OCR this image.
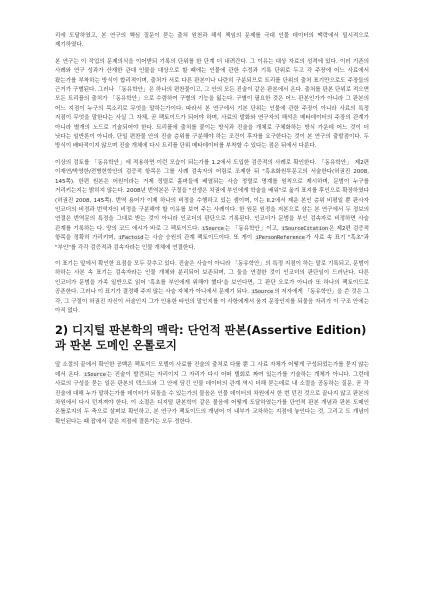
리에 도달하였고, 본 연구의 핵심 질문이 묻는 출처 원천과 해석 책임의 문제를 극대 인물 데이터의 맥락에서 밀시적으로 제기하였다.

본 연구는 이 작업의 문제의식을 이어받되 기록의 단위를 한 단계 더 내려간다. 그 이유는 대상 자료의 성격에 있다. 이러 기존의 사례와 연구 성과가 산재한 관대 인물을 대상으로 할 때에는 인물에 관한 수정과 기록 단위로 두고 각 주장에 어느 사료에서 왔는가를 부착하는 방식이 합리적이며, 출처가 서로 다른 판본이나 나란히 구분되므로 트리플 단위의 출처 표기만으로도 주장들의 근거가 구별된다. 그러나 「동유학안」은 하나의 편찬물이고, 그 안의 모든 진술이 같은 판본에서 온다. 출처를 판본 단위로 적으면 모든 트리플의 출처가 「동유학안」으로 수렴하여 구별의 기능을 잃는다. 구별이 필요한 것은 어느 판본인가가 아니라 그 판본의 어느 지점이 누구의 목소리로 무엇을 말하는가이다. 따라서 본 연구에서 기본 단위는 인물에 관한 주장이 아니라 사료의 특정 지점이 무엇을 말한다는 사실 그 자체, 곧 팩토이드가 되어야 하며, 사료의 발화와 연구자의 해석은 메타데이터의 주장의 관계가 아니라 별개의 노드로 기술되어야 한다. 트리플에 출처를 붙이는 방식과 진술을 개체로 구체화하는 방식 가운데 어느 것이 더 낫다는 일반론이 아니라, 단일 편찬물 안의 진술 층위를 구분해야 하는 조건이 후자를 요구한다는 것이 본 연구의 출발점이다. 두 방식이 배타적이지 않으며 진술 개체에 다시 트리플 단위 메타데이터를 부착할 수 있다는 점은 뒤에서 다룬다.

이상의 검토를 「동유학안」에 적용하면 이런 모습이 되는가를 1.2에서 도입한 검증적의 사례로 확인한다. 「동유학안」 제2편 이재연/박영한/전병헌학안의 검증적 항목은 그를 사례 검속자의 어림로 조제한 뒤 "흑초화원투문고의 서술한다(허권진 2008, 145쪽). 한편 원본은 어원이라는 거제 정렬로 흩펴들에 배열되는 사슴 정렬로 명계를 원칙으로 제시하며, 문범이 누구를 거리키는지는 밝히지 않는다. 2008년 번역본은 구절을 "선생은 치권에 부인에게 학술을 배워"로 옮겨 표지를 후인으로 확장하였다(허권진 2008, 145쪽). 번역 용어가 이제 하나의 비정을 수행하고 있는 셈이며, 이는 II.2에서 제운 본인 층위 비평일 뿐 판사자 인코더의 비정과 번역자의 비정을 구분해야 할 이유를 보여 주는 사례이다. 한 원문 원정을 저본으로 삼는 본 연구에서 두 정보의 연결은 번역문의 특정을 그대로 받는 것이 아니라 인코더의 판단으로 기록된다. 인코더가 문범을 부인 검속자로 비정하면 사슬 관계를 기록하는 다. 망의 코드 에시가 바로 그 팩토이드다. iSource는 「동유학안」이고, iSourceCitation은 제2편 검증적 항목을 정확히 가리키며, iFactoid는 사슴 승원의 관계 팩토이드이다. 또 게이 iPersonReference가 사료 속 표기 "흑초"과 "부인"를 각각 검증적과 검속자라는 인물 개체에 연결한다.

이 표기는 앞에서 확인한 요점을 모두 갖추고 있다. 진술은 사슬이 아니라 「동유학안」의 특정 지점이 하는 말로 기록되고, 문범이 하하는 사본 속 표기는 검속자라는 인물 개체와 분리되어 보존되며, 그 둘을 연결한 것이 인코더의 판단임이 드러난다. 다른 인코더가 문범을 가족 일반으로 읽어 '흑초를 부인에게 위해야 했다'을 보인다면, 그 판단 오로가 아니라 또 하나의 팩토이드로 공존한다. 그러나 이 표기가 결정해 주지 않는 사슬 자체가 아니에서 문제기 되다. iSource의 저자에게 「동유학안」을 쓴 것은 그 각, 그 구절이 허권진 자신이 서술인지 그가 인용한 타인의 말인지를 이 사항에게서 움겨 문장인지를 되물음 자리가 이 구조 안에는 아직 없다.

2) 디지털 판본학의 맥락: 단언적 판본(Assertive Edition)과 판본 도메인 온톨로지

앞 소절의 끝에서 확인한 공백은 팩토이드 모델이 사료를 진술의 출처로 다룰 뿐 그 사료 자체가 어떻게 구성되었는가를 묻지 않는 데서 온다. iSource는 진술이 발견되는 자리이지 그 자리가 다시 어떠 텔회로 짜여 있는가를 기술하는 개체가 아니다. 그런데 사료의 구성을 묻는 일은 판본의 텍스트와 그 안에 담긴 인물 데이터의 관계 역시 더해 묻는데로 내 소절을 공동하는 질문, 곧 각 진술에 대해 누가 말하는가를 데이터가 되돌을 수 있는가의 물음은 인물 데이터의 차원에서 한 번 던진 것으로 끝나지 않고 판본의 차원에서 다시 던져져야 한다. 이 소절은 디지털 판본학이 같은 물음에 어떻게 도달하였는가를 단언적 판본 개념과 판본 도메인 온톨로지의 두 축으로 살펴보 확인하고, 본 연구가 팩토이드의 개념어 이 내부가 교차하는 지점에 놓인다는 것, 그리고 도 개념이 확인된다는 때 잡에서 같은 지점에 결론가는 오두 정한다.
